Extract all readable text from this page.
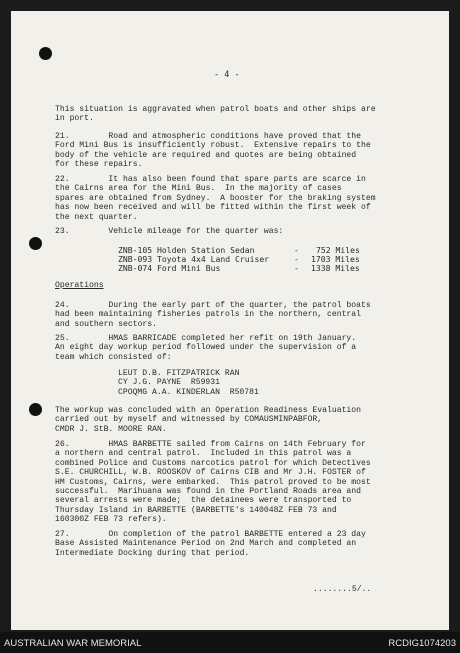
- 4 -
This situation is aggravated when patrol boats and other ships are
in port.
21.        Road and atmospheric conditions have proved that the
Ford Mini Bus is insufficiently robust.  Extensive repairs to the
body of the vehicle are required and quotes are being obtained
for these repairs.
22.        It has also been found that spare parts are scarce in
the Cairns area for the Mini Bus.  In the majority of cases
spares are obtained from Sydney.  A booster for the braking system
has now been received and will be fitted within the first week of
the next quarter.
23.        Vehicle mileage for the quarter was:
ZNB-105 Holden Station Sedan	- 752 Miles
ZNB-093 Toyota 4x4 Land Cruiser	- 1703 Miles
ZNB-074 Ford Mini Bus	- 1338 Miles
Operations
24.        During the early part of the quarter, the patrol boats
had been maintaining fisheries patrols in the northern, central
and southern sectors.
25.        HMAS BARRICADE completed her refit on 19th January.
An eight day workup period followed under the supervision of a
team which consisted of:
LEUT D.B. FITZPATRICK RAN
CY J.G. PAYNE  R59931
CPOQMG A.A. KINDERLAN  R50781
The workup was concluded with an Operation Readiness Evaluation
carried out by myself and witnessed by COMAUSMINPABFOR,
CMDR J. StB. MOORE RAN.
26.        HMAS BARBETTE sailed from Cairns on 14th February for
a northern and central patrol.  Included in this patrol was a
combined Police and Customs narcotics patrol for which Detectives
S.E. CHURCHILL, W.B. ROOSKOV of Cairns CIB and Mr J.H. FOSTER of
HM Customs, Cairns, were embarked.  This patrol proved to be most
successful.  Marihuana was found in the Portland Roads area and
several arrests were made;  the detainees were transported to
Thursday Island in BARBETTE (BARBETTE's 140048Z FEB 73 and
160300Z FEB 73 refers).
27.        On completion of the patrol BARBETTE entered a 23 day
Base Assisted Maintenance Period on 2nd March and completed an
Intermediate Docking during that period.
........5/..
AUSTRALIAN WAR MEMORIAL	RCDIG1074203
